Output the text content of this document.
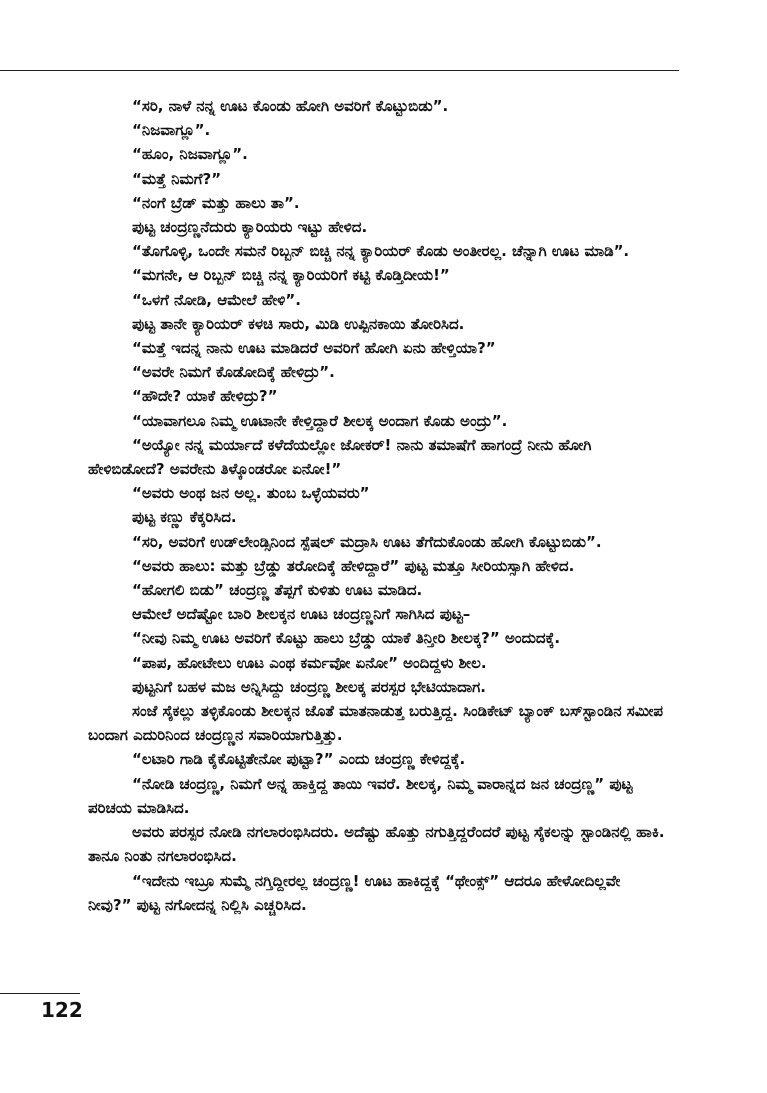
“ಸರಿ, ನಾಳೆ ನನ್ನ ಊಟ ಕೊಂಡು ಹೋಗಿ ಅವರಿಗೆ ಕೊಟ್ಟುಬಿಡು”.

“ನಿಜವಾಗ್ಲೂ”.

“ಹೂಂ, ನಿಜವಾಗ್ಲೂ”.

“ಮತ್ತೆ ನಿಮಗೆ?”

“ನಂಗೆ ಬ್ರೆಡ್ ಮತ್ತು ಹಾಲು ತಾ”.

ಪುಟ್ಟ ಚಂದ್ರಣ್ಣನೆದುರು ಕ್ಯಾರಿಯರು ಇಟ್ಟು ಹೇಳಿದ.

“ತೊಗೊಳ್ಳಿ, ಒಂದೇ ಸಮನೆ ರಿಬ್ಬನ್ ಬಿಚ್ಚಿ ನನ್ನ ಕ್ಯಾರಿಯರ್ ಕೊಡು ಅಂತೀರಲ್ಲ. ಚೆನ್ನಾಗಿ ಊಟ ಮಾಡಿ”.

“ಮಗನೇ, ಆ ರಿಬ್ಬನ್ ಬಿಚ್ಚಿ ನನ್ನ ಕ್ಯಾರಿಯರಿಗೆ ಕಟ್ಟಿ ಕೊಡ್ತಿದೀಯ!”

“ಒಳಗೆ ನೋಡಿ, ಆಮೇಲೆ ಹೇಳಿ”.

ಪುಟ್ಟ ತಾನೇ ಕ್ಯಾರಿಯರ್ ಕಳಚಿ ಸಾರು, ಮಿಡಿ ಉಪ್ಪಿನಕಾಯಿ ತೋರಿಸಿದ.

“ಮತ್ತೆ ಇದನ್ನ ನಾನು ಊಟ ಮಾಡಿದರೆ ಅವರಿಗೆ ಹೋಗಿ ಏನು ಹೇಳ್ತಿಯಾ?”

“ಅವರೇ ನಿಮಗೆ ಕೊಡೋದಿಕ್ಕೆ ಹೇಳಿದ್ರು”.

“ಹೌದೇ? ಯಾಕೆ ಹೇಳಿದ್ರು?”

“ಯಾವಾಗಲೂ ನಿಮ್ಮ ಊಟಾನೇ ಕೇಳ್ತಿದ್ದಾರೆ ಶೀಲಕ್ಕ ಅಂದಾಗ ಕೊಡು ಅಂದ್ರು”.

“ಅಯ್ಯೋ ನನ್ನ ಮರ್ಯಾದೆ ಕಳೆದೆಯಲ್ಲೋ ಜೋಕರ್! ನಾನು ತಮಾಷೆಗೆ ಹಾಗಂದ್ರೆ ನೀನು ಹೋಗಿ ಹೇಳಿಬಿಡೋದೆ? ಅವರೇನು ತಿಳ್ಕೊಂಡರೋ ಏನೋ!”

“ಅವರು ಅಂಥ ಜನ ಅಲ್ಲ. ತುಂಬ ಒಳ್ಳೆಯವರು”

ಪುಟ್ಟ ಕಣ್ಣು ಕೆಕ್ಕರಿಸಿದ.

“ಸರಿ, ಅವರಿಗೆ ಉಡ್‌ಲೇಂಡ್ಸಿನಿಂದ ಸ್ಪೆಷಲ್ ಮದ್ರಾಸಿ ಊಟ ತೆಗೆದುಕೊಂಡು ಹೋಗಿ ಕೊಟ್ಟುಬಿಡು”.

“ಅವರು ಹಾಲು: ಮತ್ತು ಬ್ರೆಡ್ಡು ತರೋದಿಕ್ಕೆ ಹೇಳಿದ್ದಾರೆ” ಪುಟ್ಟ ಮತ್ತೂ ಸೀರಿಯಸ್ಸಾಗಿ ಹೇಳಿದ.

“ಹೋಗಲಿ ಬಿಡು” ಚಂದ್ರಣ್ಣ ತೆಪ್ಪಗೆ ಕುಳಿತು ಊಟ ಮಾಡಿದ.

ಆಮೇಲೆ ಅದೆಷ್ಟೋ ಬಾರಿ ಶೀಲಕ್ಕನ ಊಟ ಚಂದ್ರಣ್ಣನಿಗೆ ಸಾಗಿಸಿದ ಪುಟ್ಟ–

“ನೀವು ನಿಮ್ಮ ಊಟ ಅವರಿಗೆ ಕೊಟ್ಟು ಹಾಲು ಬ್ರೆಡ್ಡು ಯಾಕೆ ತಿನ್ತೀರಿ ಶೀಲಕ್ಕ?” ಅಂದುದಕ್ಕೆ.

“ಪಾಪ, ಹೋಟೇಲು ಊಟ ಎಂಥ ಕರ್ಮವೋ ಏನೋ” ಅಂದಿದ್ದಳು ಶೀಲ.

ಪುಟ್ಟನಿಗೆ ಬಹಳ ಮಜ ಅನ್ನಿಸಿದ್ದು ಚಂದ್ರಣ್ಣ ಶೀಲಕ್ಕ ಪರಸ್ಪರ ಭೇಟಿಯಾದಾಗ.

ಸಂಜೆ ಸೈಕಲ್ಲು ತಳ್ಳಿಕೊಂಡು ಶೀಲಕ್ಕನ ಜೊತೆ ಮಾತನಾಡುತ್ತ ಬರುತ್ತಿದ್ದ. ಸಿಂಡಿಕೇಟ್ ಬ್ಯಾಂಕ್ ಬಸ್‌ಸ್ಟಾಂಡಿನ ಸಮೀಪ ಬಂದಾಗ ಎದುರಿನಿಂದ ಚಂದ್ರಣ್ಣನ ಸವಾರಿಯಾಗುತ್ತಿತ್ತು.

“ಲಟಾರಿ ಗಾಡಿ ಕೈಕೊಟ್ಟಿತೇನೋ ಪುಟ್ಟಾ?” ಎಂದು ಚಂದ್ರಣ್ಣ ಕೇಳಿದ್ದಕ್ಕೆ.

“ನೋಡಿ ಚಂದ್ರಣ್ಣ, ನಿಮಗೆ ಅನ್ನ ಹಾಕ್ತಿದ್ದ ತಾಯಿ ಇವರೆ. ಶೀಲಕ್ಕ, ನಿಮ್ಮ ವಾರಾನ್ನದ ಜನ ಚಂದ್ರಣ್ಣ” ಪುಟ್ಟ ಪರಿಚಯ ಮಾಡಿಸಿದ.

ಅವರು ಪರಸ್ಪರ ನೋಡಿ ನಗಲಾರಂಭಿಸಿದರು. ಅದೆಷ್ಟು ಹೊತ್ತು ನಗುತ್ತಿದ್ದರೆಂದರೆ ಪುಟ್ಟ ಸೈಕಲನ್ನು ಸ್ಟಾಂಡಿನಲ್ಲಿ ಹಾಕಿ. ತಾನೂ ನಿಂತು ನಗಲಾರಂಭಿಸಿದ.

“ಇದೇನು ಇಬ್ರೂ ಸುಮ್ಮೆ ನಗ್ತಿದ್ದೀರಲ್ಲ ಚಂದ್ರಣ್ಣ! ಊಟ ಹಾಕಿದ್ದಕ್ಕೆ “ಥೇಂಕ್ಸ್” ಆದರೂ ಹೇಳೋದಿಲ್ಲವೇ ನೀವು?” ಪುಟ್ಟ ನಗೋದನ್ನ ನಿಲ್ಲಿಸಿ ಎಚ್ಚರಿಸಿದ.

122
